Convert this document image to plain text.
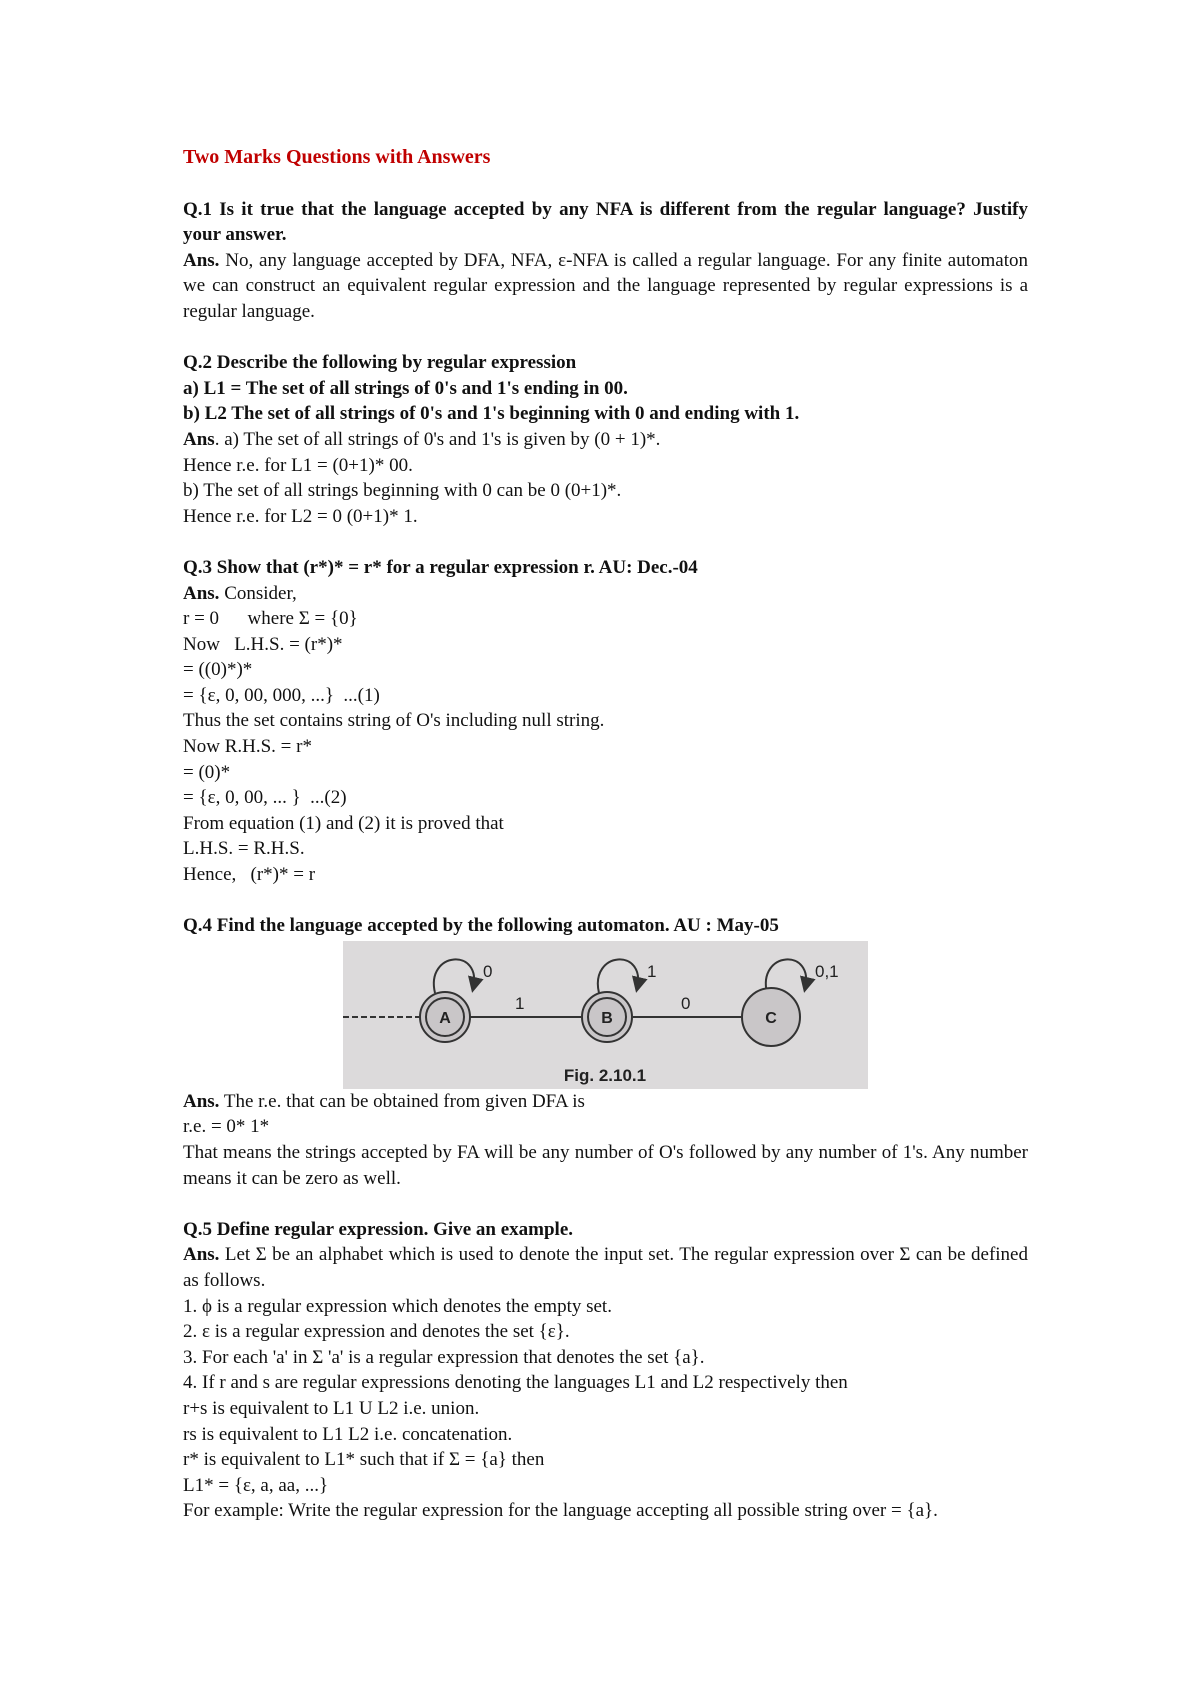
Two Marks Questions with Answers
Q.1 Is it true that the language accepted by any NFA is different from the regular language? Justify your answer.
Ans. No, any language accepted by DFA, NFA, ε-NFA is called a regular language. For any finite automaton we can construct an equivalent regular expression and the language represented by regular expressions is a regular language.
Q.2 Describe the following by regular expression
a) L1 = The set of all strings of 0's and 1's ending in 00.
b) L2 The set of all strings of 0's and 1's beginning with 0 and ending with 1.
Ans. a) The set of all strings of 0's and 1's is given by (0 + 1)*.
Hence r.e. for L1 = (0+1)* 00.
b) The set of all strings beginning with 0 can be 0 (0+1)*.
Hence r.e. for L2 = 0 (0+1)* 1.
Q.3 Show that (r*)* = r* for a regular expression r. AU: Dec.-04
Ans. Consider,
r = 0      where Σ = {0}
Now   L.H.S. = (r*)*
= ((0)*)*
= {ε, 0, 00, 000, ...}  ...(1)
Thus the set contains string of O's including null string.
Now R.H.S. = r*
= (0)*
= {ε, 0, 00, ... }  ...(2)
From equation (1) and (2) it is proved that
L.H.S. = R.H.S.
Hence,   (r*)* = r
Q.4 Find the language accepted by the following automaton. AU : May-05
1	0
0	1	0,1
A	B	C
Fig. 2.10.1
Ans. The r.e. that can be obtained from given DFA is
r.e. = 0* 1*
That means the strings accepted by FA will be any number of O's followed by any number of 1's. Any number means it can be zero as well.
Q.5 Define regular expression. Give an example.
Ans. Let Σ be an alphabet which is used to denote the input set. The regular expression over Σ can be defined as follows.
1. ϕ is a regular expression which denotes the empty set.
2. ε is a regular expression and denotes the set {ε}.
3. For each 'a' in Σ 'a' is a regular expression that denotes the set {a}.
4. If r and s are regular expressions denoting the languages L1 and L2 respectively then
r+s is equivalent to L1 U L2 i.e. union.
rs is equivalent to L1 L2 i.e. concatenation.
r* is equivalent to L1* such that if Σ = {a} then
L1* = {ε, a, aa, ...}
For example: Write the regular expression for the language accepting all possible string over = {a}.
